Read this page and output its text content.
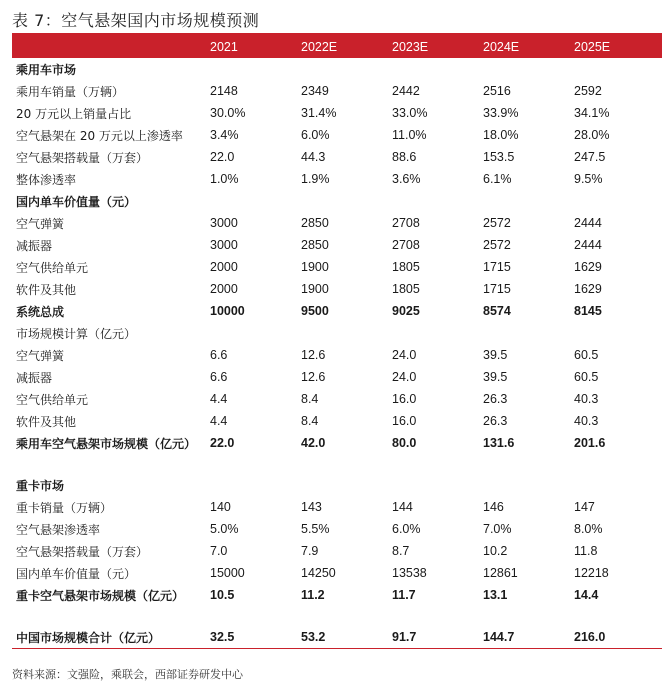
表 7：空气悬架国内市场规模预测
	2021	2022E	2023E	2024E	2025E
乘用车市场					
乘用车销量（万辆）	2148	2349	2442	2516	2592
20 万元以上销量占比	30.0%	31.4%	33.0%	33.9%	34.1%
空气悬架在 20 万元以上渗透率	3.4%	6.0%	11.0%	18.0%	28.0%
空气悬架搭载量（万套）	22.0	44.3	88.6	153.5	247.5
整体渗透率	1.0%	1.9%	3.6%	6.1%	9.5%
国内单车价值量（元）					
空气弹簧	3000	2850	2708	2572	2444
减振器	3000	2850	2708	2572	2444
空气供给单元	2000	1900	1805	1715	1629
软件及其他	2000	1900	1805	1715	1629
系统总成	10000	9500	9025	8574	8145
市场规模计算（亿元）					
空气弹簧	6.6	12.6	24.0	39.5	60.5
减振器	6.6	12.6	24.0	39.5	60.5
空气供给单元	4.4	8.4	16.0	26.3	40.3
软件及其他	4.4	8.4	16.0	26.3	40.3
乘用车空气悬架市场规模（亿元）	22.0	42.0	80.0	131.6	201.6

重卡市场					
重卡销量（万辆）	140	143	144	146	147
空气悬架渗透率	5.0%	5.5%	6.0%	7.0%	8.0%
空气悬架搭载量（万套）	7.0	7.9	8.7	10.2	11.8
国内单车价值量（元）	15000	14250	13538	12861	12218
重卡空气悬架市场规模（亿元）	10.5	11.2	11.7	13.1	14.4

中国市场规模合计（亿元）	32.5	53.2	91.7	144.7	216.0
资料来源：文强险，乘联会，西部证券研发中心
